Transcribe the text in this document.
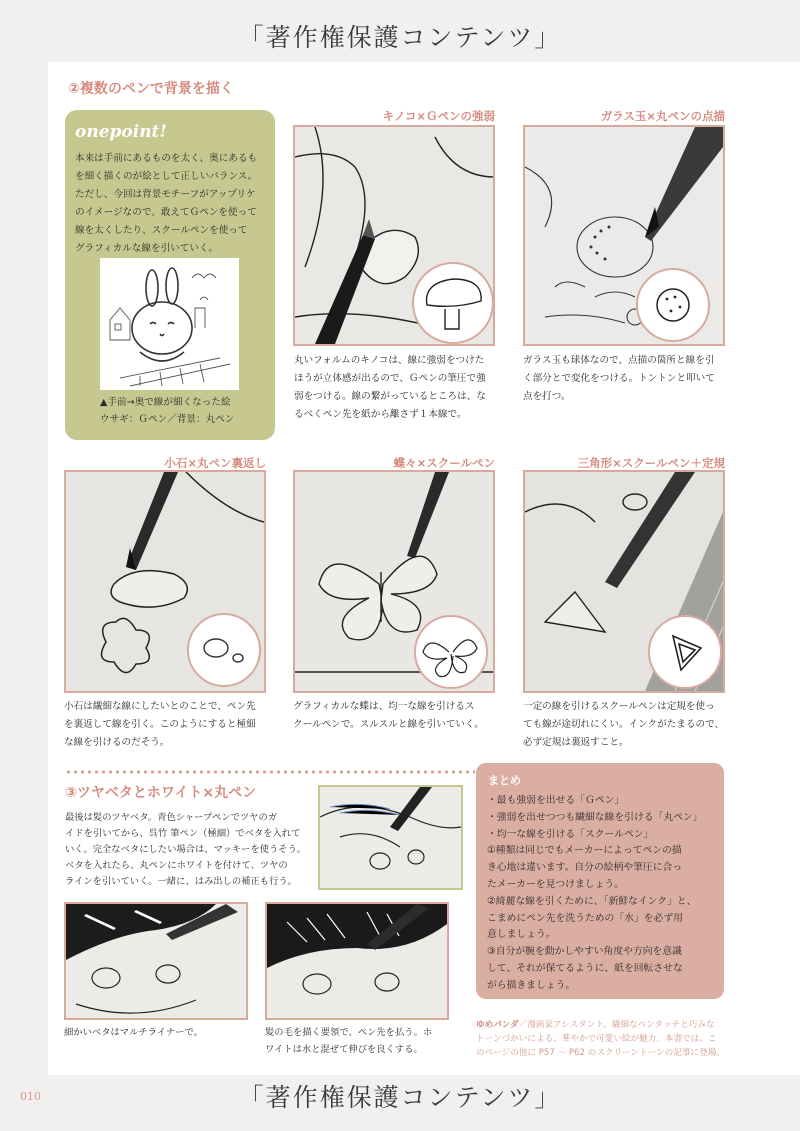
「著作権保護コンテンツ」
②複数のペンで背景を描く
onepoint!
本来は手前にあるものを太く、奥にあるも
を細く描くのが絵として正しいバランス。
ただし、今回は背景モチーフがアップリケ
のイメージなので、敢えてＧペンを使って
線を太くしたり、スクールペンを使って
グラフィカルな線を引いていく。
▲手前→奥で線が細くなった絵
ウサギ：Ｇペン／背景：丸ペン
キノコ×Ｇペンの強弱
丸いフォルムのキノコは、線に強弱をつけた
ほうが立体感が出るので、Ｇペンの筆圧で強
弱をつける。線の繋がっているところは、な
るべくペン先を紙から離さず１本線で。
ガラス玉×丸ペンの点描
ガラス玉も球体なので、点描の箇所と線を引
く部分とで変化をつける。トントンと叩いて
点を打つ。
小石×丸ペン裏返し
小石は繊細な線にしたいとのことで、ペン先
を裏返して線を引く。このようにすると極細
な線を引けるのだそう。
蝶々×スクールペン
グラフィカルな蝶は、均一な線を引けるス
クールペンで。スルスルと線を引いていく。
三角形×スクールペン＋定規
一定の線を引けるスクールペンは定規を使っ
ても線が途切れにくい。インクがたまるので、
必ず定規は裏返すこと。
③ツヤベタとホワイト×丸ペン
最後は髪のツヤベタ。青色シャープペンでツヤのガ
イドを引いてから、呉竹 筆ペン（極細）でベタを入れて
いく。完全なベタにしたい場合は、マッキーを使うそう。
ベタを入れたら、丸ペンにホワイトを付けて、ツヤの
ラインを引いていく。一緒に、はみ出しの補正も行う。
細かいベタはマルチライナーで。	髪の毛を描く要領で、ペン先を払う。ホ
ワイトは水と混ぜて伸びを良くする。
まとめ
・最も強弱を出せる「Ｇペン」
・強弱を出せつつも繊細な線を引ける「丸ペン」
・均一な線を引ける「スクールペン」
①種類は同じでもメーカーによってペンの描
き心地は違います。自分の絵柄や筆圧に合っ
たメーカーを見つけましょう。
②綺麗な線を引くために、「新鮮なインク」と、
こまめにペン先を洗うための「水」を必ず用
意しましょう。
③自分が腕を動かしやすい角度や方向を意識
して、それが保てるように、紙を回転させな
がら描きましょう。
ゆめパンダ／漫画家アシスタント。繊細なペンタッチと巧みな
トーンづかいによる、華やかで可愛い絵が魅力。本書では、こ
のページの他に P57 ～ P62 のスクリーントーンの記事に登場。
010	「著作権保護コンテンツ」
